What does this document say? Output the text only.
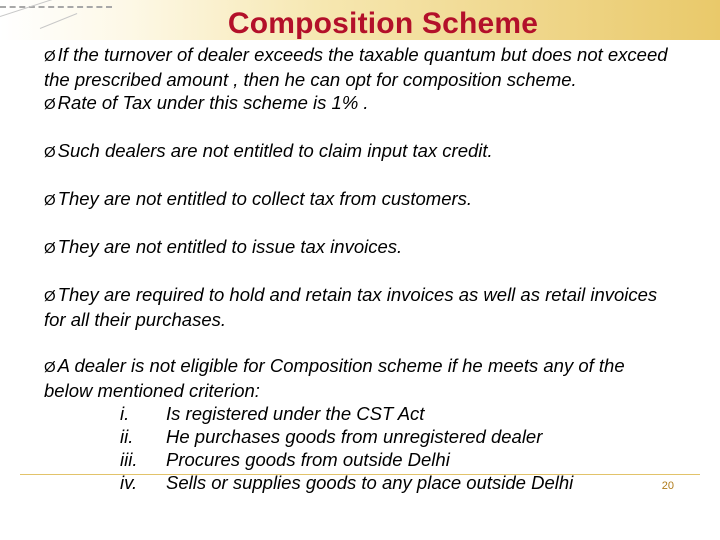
Composition Scheme

Ø If the turnover of dealer exceeds the taxable quantum but does not exceed the prescribed amount , then he can opt for composition scheme.

Ø Rate of Tax under this scheme is 1% .

Ø Such dealers are not entitled to claim input tax credit.

Ø They are not entitled to collect tax from customers.

Ø They are not entitled to issue tax invoices.

Ø They are required to hold and retain tax invoices as well as retail invoices for all their purchases.

Ø A dealer is not eligible for Composition scheme if he meets any of the below mentioned criterion:

i.	Is registered under the CST Act
ii.	He purchases goods from unregistered dealer
iii.	Procures goods from outside Delhi
iv.	Sells or supplies goods to any place outside Delhi	20
